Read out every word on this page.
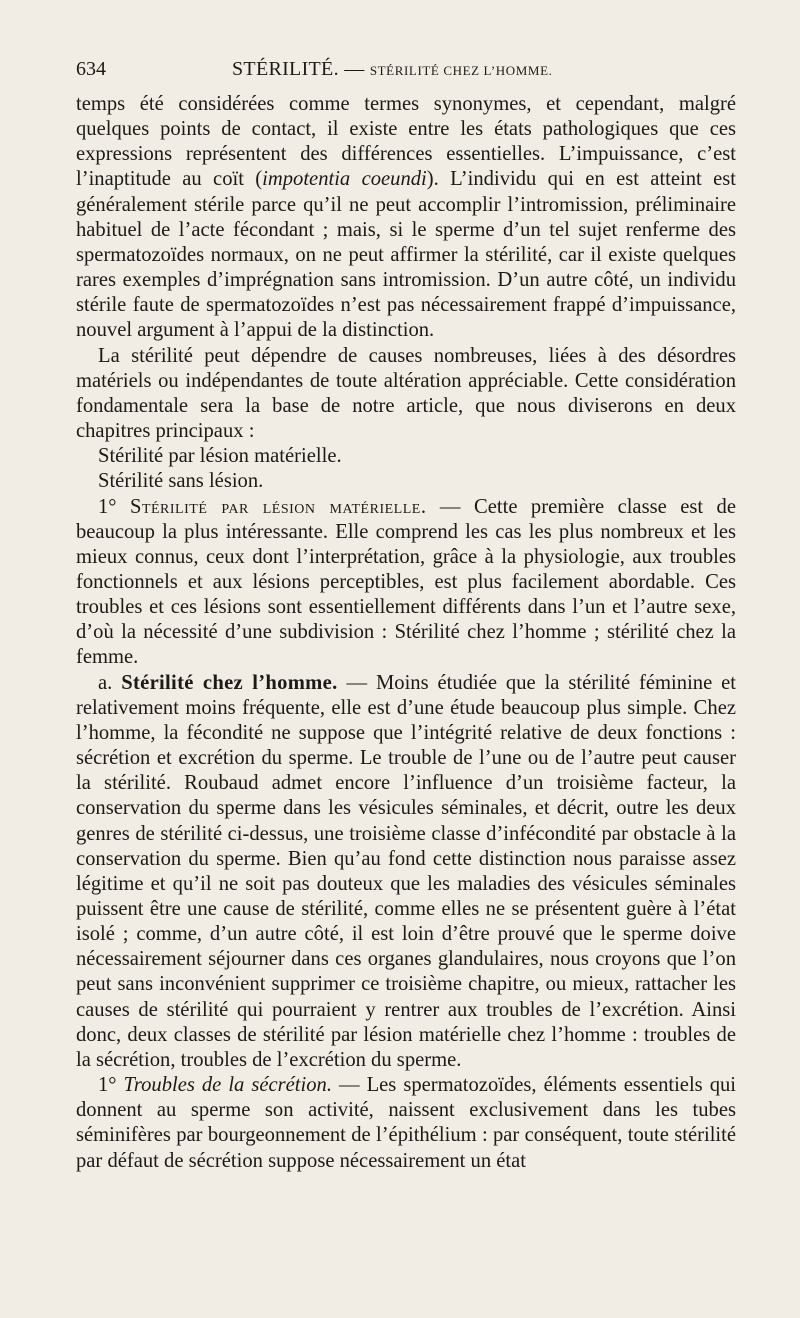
634	STÉRILITÉ. — STÉRILITÉ CHEZ L’HOMME.

temps été considérées comme termes synonymes, et cependant, malgré quelques points de contact, il existe entre les états pathologiques que ces expressions représentent des différences essentielles. L’impuissance, c’est l’inaptitude au coït (impotentia coeundi). L’individu qui en est atteint est généralement stérile parce qu’il ne peut accomplir l’intromission, préliminaire habituel de l’acte fécondant ; mais, si le sperme d’un tel sujet renferme des spermatozoïdes normaux, on ne peut affirmer la stérilité, car il existe quelques rares exemples d’imprégnation sans intromission. D’un autre côté, un individu stérile faute de spermatozoïdes n’est pas nécessairement frappé d’impuissance, nouvel argument à l’appui de la distinction.

La stérilité peut dépendre de causes nombreuses, liées à des désordres matériels ou indépendantes de toute altération appréciable. Cette considération fondamentale sera la base de notre article, que nous diviserons en deux chapitres principaux :

Stérilité par lésion matérielle.

Stérilité sans lésion.

1° Stérilité par lésion matérielle. — Cette première classe est de beaucoup la plus intéressante. Elle comprend les cas les plus nombreux et les mieux connus, ceux dont l’interprétation, grâce à la physiologie, aux troubles fonctionnels et aux lésions perceptibles, est plus facilement abordable. Ces troubles et ces lésions sont essentiellement différents dans l’un et l’autre sexe, d’où la nécessité d’une subdivision : Stérilité chez l’homme ; stérilité chez la femme.

a. Stérilité chez l’homme. — Moins étudiée que la stérilité féminine et relativement moins fréquente, elle est d’une étude beaucoup plus simple. Chez l’homme, la fécondité ne suppose que l’intégrité relative de deux fonctions : sécrétion et excrétion du sperme. Le trouble de l’une ou de l’autre peut causer la stérilité. Roubaud admet encore l’influence d’un troisième facteur, la conservation du sperme dans les vésicules séminales, et décrit, outre les deux genres de stérilité ci-dessus, une troisième classe d’infécondité par obstacle à la conservation du sperme. Bien qu’au fond cette distinction nous paraisse assez légitime et qu’il ne soit pas douteux que les maladies des vésicules séminales puissent être une cause de stérilité, comme elles ne se présentent guère à l’état isolé ; comme, d’un autre côté, il est loin d’être prouvé que le sperme doive nécessairement séjourner dans ces organes glandulaires, nous croyons que l’on peut sans inconvénient supprimer ce troisième chapitre, ou mieux, rattacher les causes de stérilité qui pourraient y rentrer aux troubles de l’excrétion. Ainsi donc, deux classes de stérilité par lésion matérielle chez l’homme : troubles de la sécrétion, troubles de l’excrétion du sperme.

1° Troubles de la sécrétion. — Les spermatozoïdes, éléments essentiels qui donnent au sperme son activité, naissent exclusivement dans les tubes séminifères par bourgeonnement de l’épithélium : par conséquent, toute stérilité par défaut de sécrétion suppose nécessairement un état
